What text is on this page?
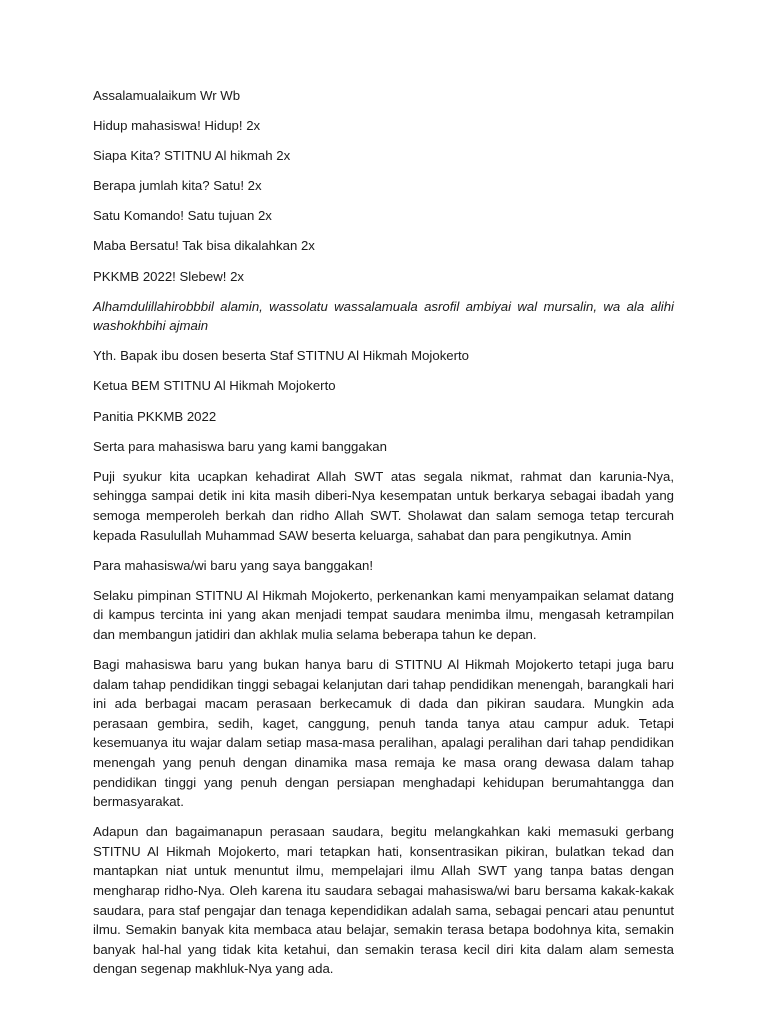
Assalamualaikum Wr Wb

Hidup mahasiswa! Hidup! 2x

Siapa Kita? STITNU Al hikmah 2x

Berapa jumlah kita? Satu! 2x

Satu Komando! Satu tujuan 2x

Maba Bersatu! Tak bisa dikalahkan 2x

PKKMB 2022! Slebew! 2x

Alhamdulillahirobbbil alamin, wassolatu wassalamuala asrofil ambiyai wal mursalin, wa ala alihi washokhbihi ajmain

Yth. Bapak ibu dosen beserta Staf STITNU Al Hikmah Mojokerto

Ketua BEM STITNU Al Hikmah Mojokerto

Panitia PKKMB 2022

Serta para mahasiswa baru yang kami banggakan

Puji syukur kita ucapkan kehadirat Allah SWT atas segala nikmat, rahmat dan karunia-Nya, sehingga sampai detik ini kita masih diberi-Nya kesempatan untuk berkarya sebagai ibadah yang semoga memperoleh berkah dan ridho Allah SWT. Sholawat dan salam semoga tetap tercurah kepada Rasulullah Muhammad SAW beserta keluarga, sahabat dan para pengikutnya. Amin

Para mahasiswa/wi baru yang saya banggakan!

Selaku pimpinan STITNU Al Hikmah Mojokerto, perkenankan kami menyampaikan selamat datang di kampus tercinta ini yang akan menjadi tempat saudara menimba ilmu, mengasah ketrampilan dan membangun jatidiri dan akhlak mulia selama beberapa tahun ke depan.

Bagi mahasiswa baru yang bukan hanya baru di STITNU Al Hikmah Mojokerto tetapi juga baru dalam tahap pendidikan tinggi sebagai kelanjutan dari tahap pendidikan menengah, barangkali hari ini ada berbagai macam perasaan berkecamuk di dada dan pikiran saudara. Mungkin ada perasaan gembira, sedih, kaget, canggung, penuh tanda tanya atau campur aduk. Tetapi kesemuanya itu wajar dalam setiap masa-masa peralihan, apalagi peralihan dari tahap pendidikan menengah yang penuh dengan dinamika masa remaja ke masa orang dewasa dalam tahap pendidikan tinggi yang penuh dengan persiapan menghadapi kehidupan berumahtangga dan bermasyarakat.

Adapun dan bagaimanapun perasaan saudara, begitu melangkahkan kaki memasuki gerbang STITNU Al Hikmah Mojokerto, mari tetapkan hati, konsentrasikan pikiran, bulatkan tekad dan mantapkan niat untuk menuntut ilmu, mempelajari ilmu Allah SWT yang tanpa batas dengan mengharap ridho-Nya. Oleh karena itu saudara sebagai mahasiswa/wi baru bersama kakak-kakak saudara, para staf pengajar dan tenaga kependidikan adalah sama, sebagai pencari atau penuntut ilmu. Semakin banyak kita membaca atau belajar, semakin terasa betapa bodohnya kita, semakin banyak hal-hal yang tidak kita ketahui, dan semakin terasa kecil diri kita dalam alam semesta dengan segenap makhluk-Nya yang ada.
